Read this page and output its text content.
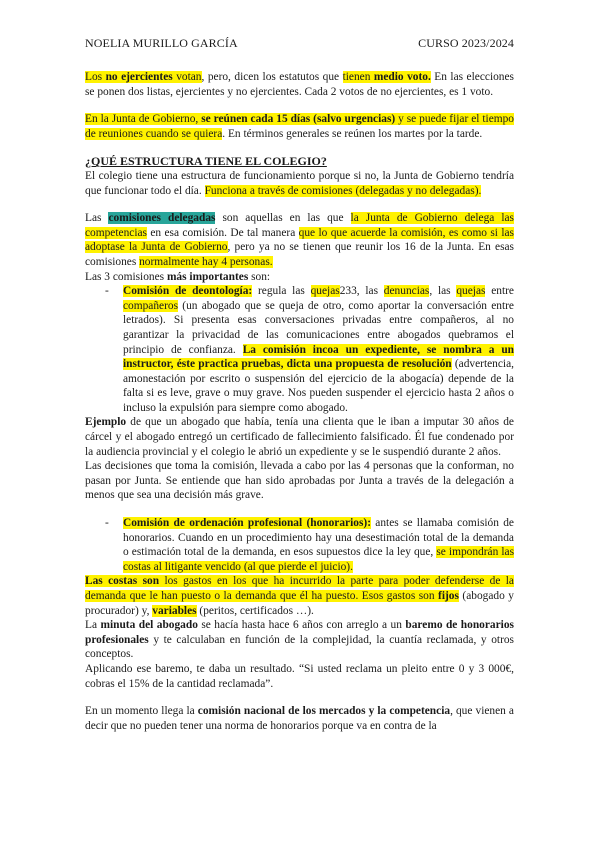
NOELIA MURILLO GARCÍA	CURSO 2023/2024

Los no ejercientes votan, pero, dicen los estatutos que tienen medio voto. En las elecciones se ponen dos listas, ejercientes y no ejercientes. Cada 2 votos de no ejercientes, es 1 voto.

En la Junta de Gobierno, se reúnen cada 15 días (salvo urgencias) y se puede fijar el tiempo de reuniones cuando se quiera. En términos generales se reúnen los martes por la tarde.

¿QUÉ ESTRUCTURA TIENE EL COLEGIO?

El colegio tiene una estructura de funcionamiento porque si no, la Junta de Gobierno tendría que funcionar todo el día. Funciona a través de comisiones (delegadas y no delegadas).

Las comisiones delegadas son aquellas en las que la Junta de Gobierno delega las competencias en esa comisión. De tal manera que lo que acuerde la comisión, es como si las adoptase la Junta de Gobierno, pero ya no se tienen que reunir los 16 de la Junta. En esas comisiones normalmente hay 4 personas.

Las 3 comisiones más importantes son:

- Comisión de deontología: regula las quejas233, las denuncias, las quejas entre compañeros (un abogado que se queja de otro, como aportar la conversación entre letrados). Si presenta esas conversaciones privadas entre compañeros, al no garantizar la privacidad de las comunicaciones entre abogados quebramos el principio de confianza. La comisión incoa un expediente, se nombra a un instructor, éste practica pruebas, dicta una propuesta de resolución (advertencia, amonestación por escrito o suspensión del ejercicio de la abogacía) depende de la falta si es leve, grave o muy grave. Nos pueden suspender el ejercicio hasta 2 años o incluso la expulsión para siempre como abogado.

Ejemplo de que un abogado que había, tenía una clienta que le iban a imputar 30 años de cárcel y el abogado entregó un certificado de fallecimiento falsificado. Él fue condenado por la audiencia provincial y el colegio le abrió un expediente y se le suspendió durante 2 años.

Las decisiones que toma la comisión, llevada a cabo por las 4 personas que la conforman, no pasan por Junta. Se entiende que han sido aprobadas por Junta a través de la delegación a menos que sea una decisión más grave.

- Comisión de ordenación profesional (honorarios): antes se llamaba comisión de honorarios. Cuando en un procedimiento hay una desestimación total de la demanda o estimación total de la demanda, en esos supuestos dice la ley que, se impondrán las costas al litigante vencido (al que pierde el juicio).

Las costas son los gastos en los que ha incurrido la parte para poder defenderse de la demanda que le han puesto o la demanda que él ha puesto. Esos gastos son fijos (abogado y procurador) y, variables (peritos, certificados …).

La minuta del abogado se hacía hasta hace 6 años con arreglo a un baremo de honorarios profesionales y te calculaban en función de la complejidad, la cuantía reclamada, y otros conceptos.

Aplicando ese baremo, te daba un resultado. “Si usted reclama un pleito entre 0 y 3 000€, cobras el 15% de la cantidad reclamada”.

En un momento llega la comisión nacional de los mercados y la competencia, que vienen a decir que no pueden tener una norma de honorarios porque va en contra de la
